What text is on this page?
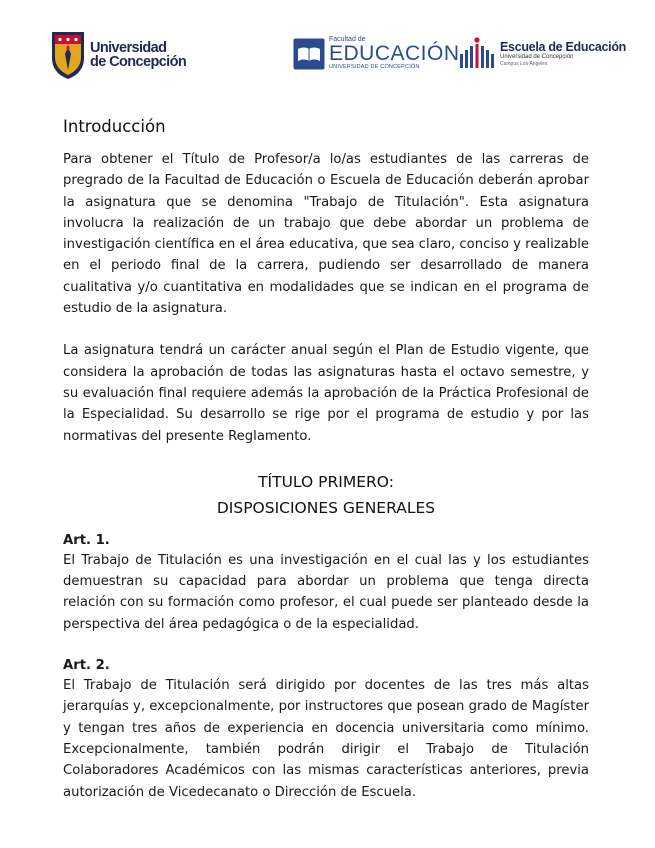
Universidad
de Concepción
Facultad de
EDUCACIÓN
UNIVERSIDAD DE CONCEPCIÓN
Escuela de Educación
Universidad de Concepción
Campus Los Ángeles
Introducción

Para obtener el Título de Profesor/a lo/as estudiantes de las carreras de pregrado de la Facultad de Educación o Escuela de Educación deberán aprobar la asignatura que se denomina "Trabajo de Titulación". Esta asignatura involucra la realización de un trabajo que debe abordar un problema de investigación científica en el área educativa, que sea claro, conciso y realizable en el periodo final de la carrera, pudiendo ser desarrollado de manera cualitativa y/o cuantitativa en modalidades que se indican en el programa de estudio de la asignatura.

La asignatura tendrá un carácter anual según el Plan de Estudio vigente, que considera la aprobación de todas las asignaturas hasta el octavo semestre, y su evaluación final requiere además la aprobación de la Práctica Profesional de la Especialidad. Su desarrollo se rige por el programa de estudio y por las normativas del presente Reglamento.

TÍTULO PRIMERO:
DISPOSICIONES GENERALES
Art. 1.

El Trabajo de Titulación es una investigación en el cual las y los estudiantes demuestran su capacidad para abordar un problema que tenga directa relación con su formación como profesor, el cual puede ser planteado desde la perspectiva del área pedagógica o de la especialidad.

Art. 2.

El Trabajo de Titulación será dirigido por docentes de las tres más altas jerarquías y, excepcionalmente, por instructores que posean grado de Magíster y tengan tres años de experiencia en docencia universitaria como mínimo. Excepcionalmente, también podrán dirigir el Trabajo de Titulación Colaboradores Académicos con las mismas características anteriores, previa autorización de Vicedecanato o Dirección de Escuela.
